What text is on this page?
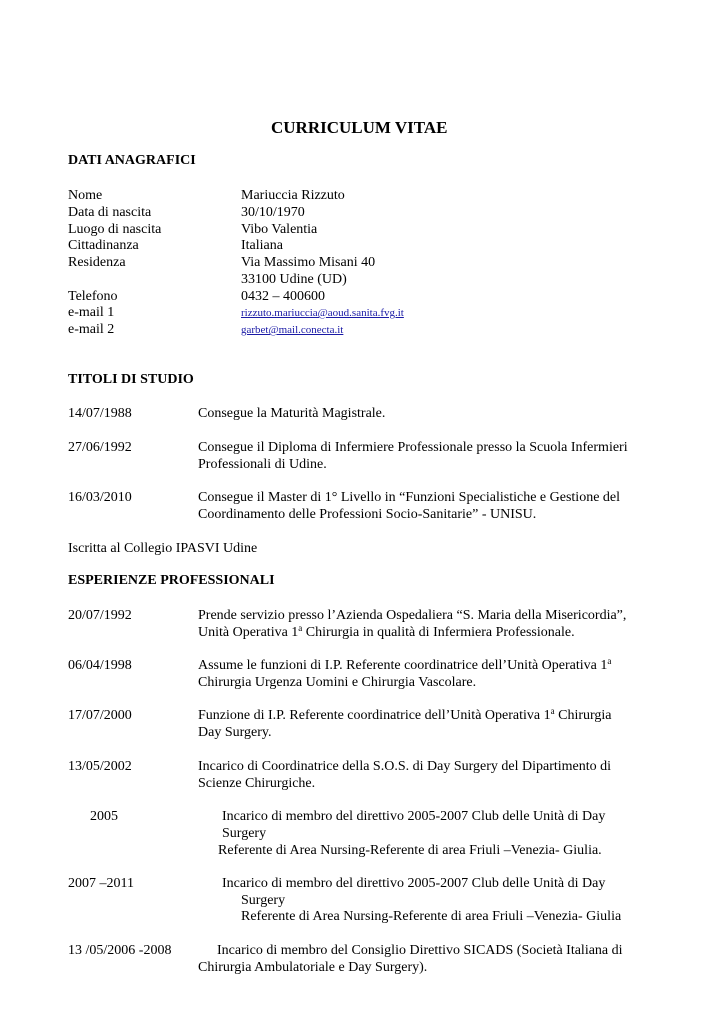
CURRICULUM VITAE
DATI ANAGRAFICI
Nome	Mariuccia Rizzuto
Data di nascita	30/10/1970
Luogo di nascita	Vibo Valentia
Cittadinanza	Italiana
Residenza	Via Massimo Misani 40
33100 Udine (UD)
Telefono	0432 – 400600
e-mail 1	rizzuto.mariuccia@aoud.sanita.fvg.it
e-mail 2	garbet@mail.conecta.it
TITOLI DI STUDIO
14/07/1988	Consegue la Maturità Magistrale.
27/06/1992	Consegue il Diploma di Infermiere Professionale presso la Scuola Infermieri
Professionali di Udine.
16/03/2010	Consegue il Master di 1° Livello in “Funzioni Specialistiche e Gestione del
Coordinamento delle Professioni Socio-Sanitarie” - UNISU.
Iscritta al Collegio IPASVI Udine
ESPERIENZE PROFESSIONALI
20/07/1992	Prende servizio presso l’Azienda Ospedaliera “S. Maria della Misericordia”,
Unità Operativa 1$^a$ Chirurgia in qualità di Infermiera Professionale.
06/04/1998	Assume le funzioni di I.P. Referente coordinatrice dell’Unità Operativa 1$^a$
Chirurgia Urgenza Uomini e Chirurgia Vascolare.
17/07/2000	Funzione di I.P. Referente coordinatrice dell’Unità Operativa 1$^a$ Chirurgia
Day Surgery.
13/05/2002	Incarico di Coordinatrice della S.O.S. di Day Surgery del Dipartimento di
Scienze Chirurgiche.
2005	Incarico di membro del direttivo 2005-2007 Club delle Unità di Day
Surgery
Referente di Area Nursing-Referente di area Friuli –Venezia- Giulia.
2007 –2011	Incarico di membro del direttivo 2005-2007 Club delle Unità di Day
Surgery
Referente di Area Nursing-Referente di area Friuli –Venezia- Giulia
13 /05/2006 -2008	Incarico di membro del Consiglio Direttivo SICADS (Società Italiana di
Chirurgia Ambulatoriale e Day Surgery).
